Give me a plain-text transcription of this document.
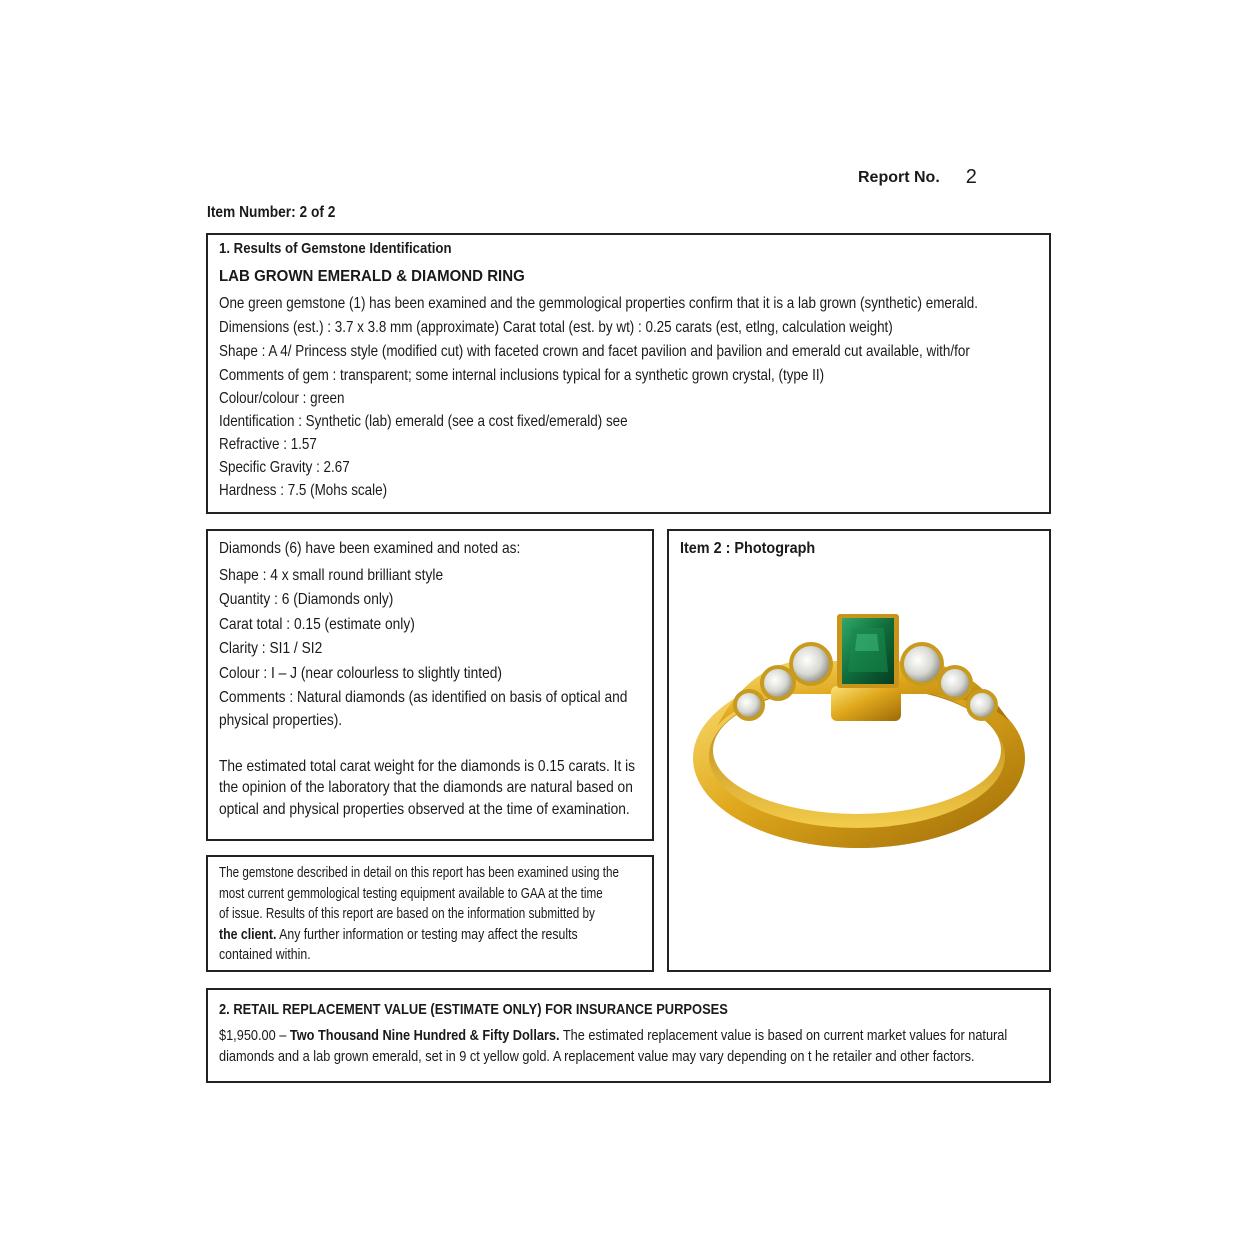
Report No. 2
Item Number: 2 of 2
1. Results of Gemstone Identification
LAB GROWN EMERALD & DIAMOND RING
One green gemstone (1) has been examined and the gemmological properties confirm that it is a lab grown (synthetic) emerald.
Dimensions (est.) : 3.7 x 3.8 mm (approximate) Carat total (est. by wt) : 0.25 carats (est, etlng, calculation weight)
Shape : A 4/ Princess style (modified cut) with faceted crown and facet pavilion and þavilion and emerald cut available, with/for
Comments of gem : transparent; some internal inclusions typical for a synthetic grown crystal, (type II)
Colour/colour : green
Identification : Synthetic (lab) emerald (see a cost fixed/emerald) see
Refractive : 1.57
Specific Gravity : 2.67
Hardness : 7.5 (Mohs scale)
Diamonds (6) have been examined and noted as:
Shape : 4 x small round brilliant style
Quantity : 6 (Diamonds only)
Carat total : 0.15 (estimate only)
Clarity : SI1 / SI2
Colour : I – J (near colourless to slightly tinted)
Comments : Natural diamonds (as identified on basis of optical and
physical properties).
The estimated total carat weight for the diamonds is 0.15 carats. It is
the opinion of the laboratory that the diamonds are natural based on
optical and physical properties observed at the time of examination.
The gemstone described in detail on this report has been examined using the
most current gemmological testing equipment available to GAA at the time
of issue. Results of this report are based on the information submitted by
the client. Any further information or testing may affect the results
contained within.
Item 2 : Photograph
2. RETAIL REPLACEMENT VALUE (ESTIMATE ONLY) FOR INSURANCE PURPOSES
$1,950.00 – Two Thousand Nine Hundred & Fifty Dollars. The estimated replacement value is based on current market values for natural
diamonds and a lab grown emerald, set in 9 ct yellow gold. A replacement value may vary depending on t he retailer and other factors.
